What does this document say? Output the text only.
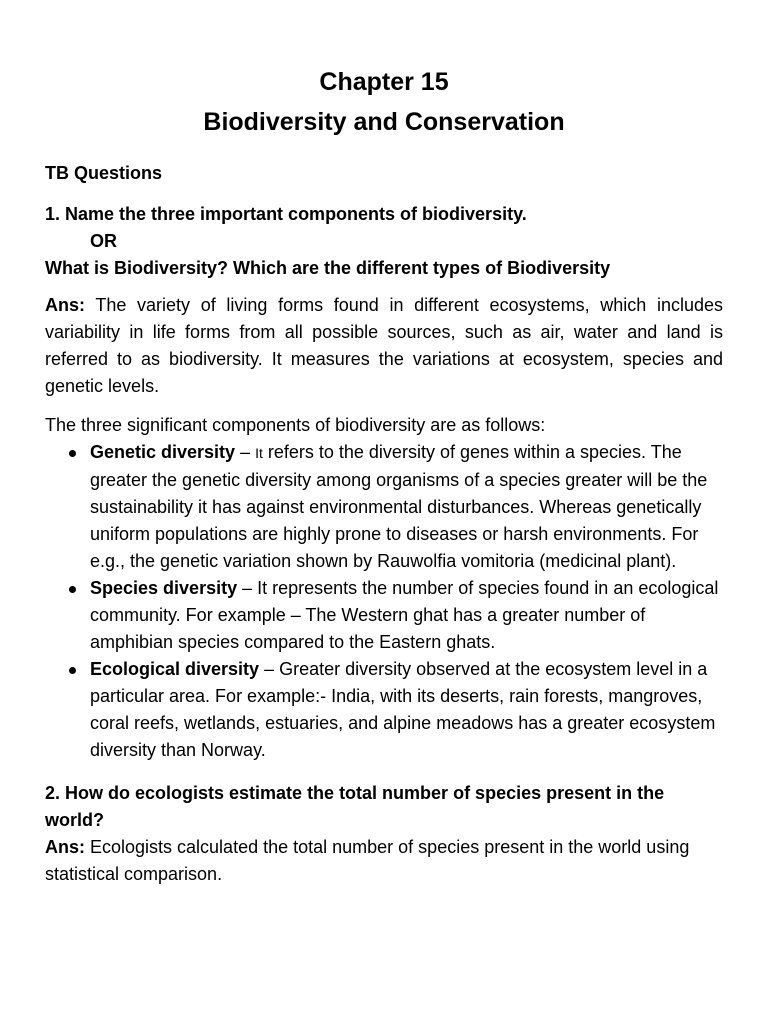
Chapter 15
Biodiversity and Conservation
TB Questions
1. Name the three important components of biodiversity.
OR
What is Biodiversity? Which are the different types of Biodiversity

Ans: The variety of living forms found in different ecosystems, which includes variability in life forms from all possible sources, such as air, water and land is referred to as biodiversity. It measures the variations at ecosystem, species and genetic levels.

The three significant components of biodiversity are as follows:

Genetic diversity – It refers to the diversity of genes within a species. The greater the genetic diversity among organisms of a species greater will be the sustainability it has against environmental disturbances. Whereas genetically uniform populations are highly prone to diseases or harsh environments. For e.g., the genetic variation shown by Rauwolfia vomitoria (medicinal plant).
Species diversity – It represents the number of species found in an ecological community. For example – The Western ghat has a greater number of amphibian species compared to the Eastern ghats.
Ecological diversity – Greater diversity observed at the ecosystem level in a particular area. For example:- India, with its deserts, rain forests, mangroves, coral reefs, wetlands, estuaries, and alpine meadows has a greater ecosystem diversity than Norway.
2. How do ecologists estimate the total number of species present in the world?

Ans: Ecologists calculated the total number of species present in the world using statistical comparison.
